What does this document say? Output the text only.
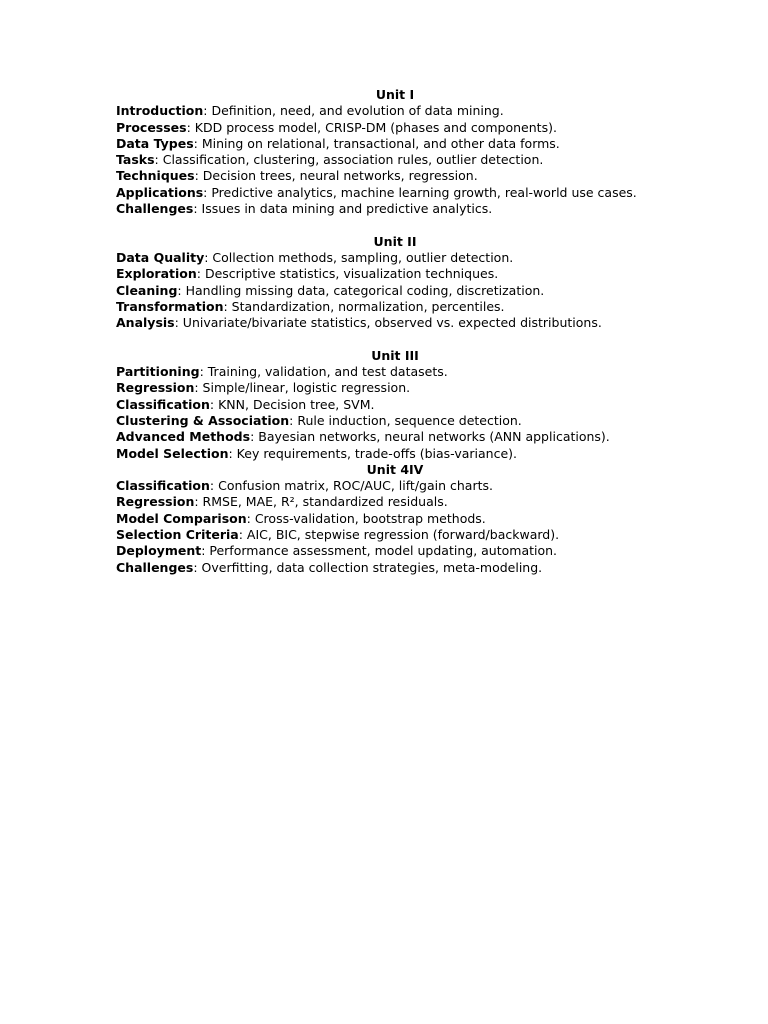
Unit I
Introduction: Definition, need, and evolution of data mining.
Processes: KDD process model, CRISP-DM (phases and components).
Data Types: Mining on relational, transactional, and other data forms.
Tasks: Classification, clustering, association rules, outlier detection.
Techniques: Decision trees, neural networks, regression.
Applications: Predictive analytics, machine learning growth, real-world use cases.
Challenges: Issues in data mining and predictive analytics.
Unit II
Data Quality: Collection methods, sampling, outlier detection.
Exploration: Descriptive statistics, visualization techniques.
Cleaning: Handling missing data, categorical coding, discretization.
Transformation: Standardization, normalization, percentiles.
Analysis: Univariate/bivariate statistics, observed vs. expected distributions.
Unit III
Partitioning: Training, validation, and test datasets.
Regression: Simple/linear, logistic regression.
Classification: KNN, Decision tree, SVM.
Clustering & Association: Rule induction, sequence detection.
Advanced Methods: Bayesian networks, neural networks (ANN applications).
Model Selection: Key requirements, trade-offs (bias-variance).
Unit 4IV
Classification: Confusion matrix, ROC/AUC, lift/gain charts.
Regression: RMSE, MAE, R², standardized residuals.
Model Comparison: Cross-validation, bootstrap methods.
Selection Criteria: AIC, BIC, stepwise regression (forward/backward).
Deployment: Performance assessment, model updating, automation.
Challenges: Overfitting, data collection strategies, meta-modeling.
